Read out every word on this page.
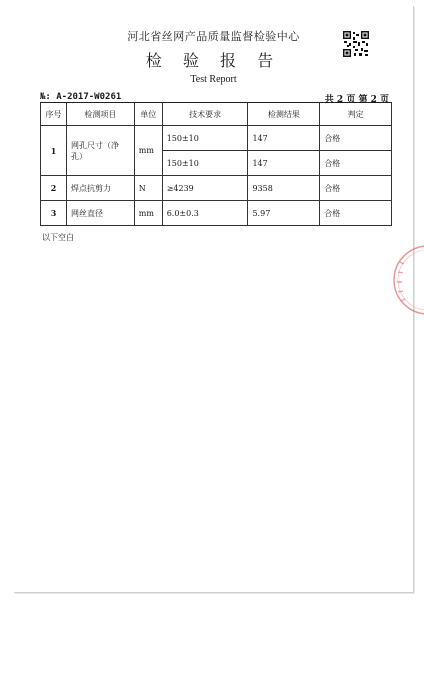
河北省丝网产品质量监督检验中心
检 验 报 告
Test Report
№: A-2017-W0261	共 2 页 第 2 页
序号	检测项目	单位	技术要求	检测结果	判定
1	网孔尺寸（净孔）	mm	150±10	147	合格
			150±10	147	合格
2	焊点抗剪力	N	≥4239	9358	合格
3	网丝直径	mm	6.0±0.3	5.97	合格
以下空白
